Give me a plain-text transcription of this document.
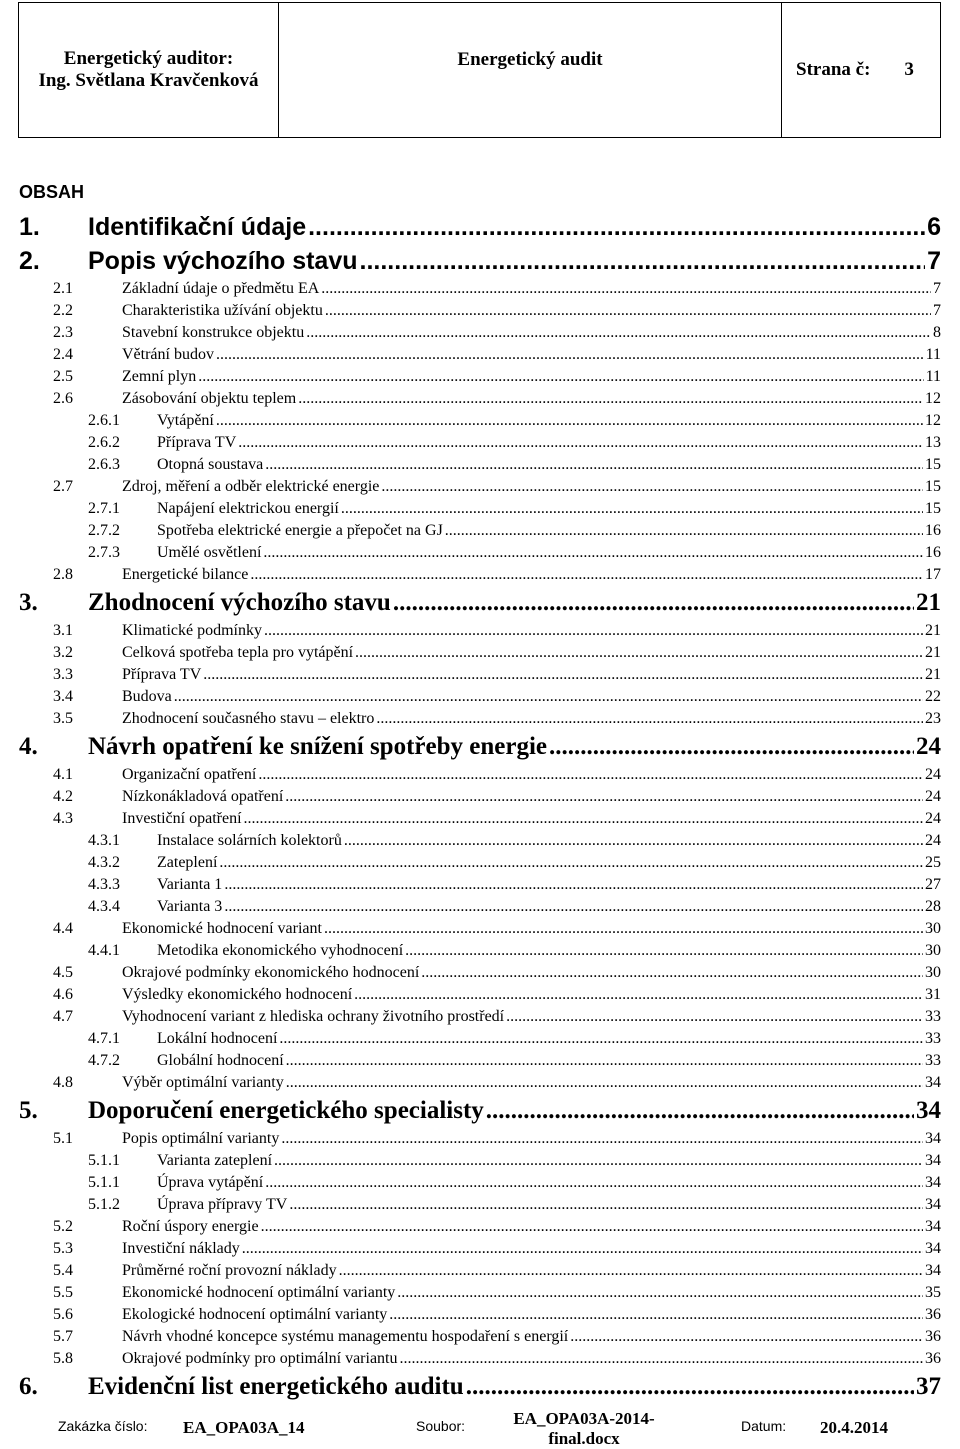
Energetický auditor:
Ing. Světlana Kravčenková
	Energetický audit	Strana č: 3
OBSAH
1. Identifikační údaje .....	6
2. Popis výchozího stavu .....	7
2.1	Základní údaje o předmětu EA .....	7
2.2	Charakteristika užívání objektu .....	7
2.3	Stavební konstrukce objektu .....	8
2.4	Větrání budov .....	11
2.5	Zemní plyn .....	11
2.6	Zásobování objektu teplem .....	12
2.6.1 Vytápění .....	12
2.6.2 Příprava TV .....	13
2.6.3 Otopná soustava .....	15
2.7	Zdroj, měření a odběr elektrické energie .....	15
2.7.1 Napájení elektrickou energií .....	15
2.7.2 Spotřeba elektrické energie a přepočet na GJ .....	16
2.7.3 Umělé osvětlení .....	16
2.8	Energetické bilance .....	17
3. Zhodnocení výchozího stavu .....	21
3.1	Klimatické podmínky .....	21
3.2	Celková spotřeba tepla pro vytápění .....	21
3.3	Příprava TV .....	21
3.4	Budova .....	22
3.5	Zhodnocení současného stavu – elektro .....	23
4. Návrh opatření ke snížení spotřeby energie .....	24
4.1	Organizační opatření .....	24
4.2	Nízkonákladová opatření .....	24
4.3	Investiční opatření .....	24
4.3.1 Instalace solárních kolektorů .....	24
4.3.2 Zateplení .....	25
4.3.3 Varianta 1 .....	27
4.3.4 Varianta 3 .....	28
4.4	Ekonomické hodnocení variant .....	30
4.4.1 Metodika ekonomického vyhodnocení .....	30
4.5	Okrajové podmínky ekonomického hodnocení .....	30
4.6	Výsledky ekonomického hodnocení .....	31
4.7	Vyhodnocení variant z hlediska ochrany životního prostředí .....	33
4.7.1 Lokální hodnocení .....	33
4.7.2 Globální hodnocení .....	33
4.8	Výběr optimální varianty .....	34
5. Doporučení energetického specialisty .....	34
5.1	Popis optimální varianty .....	34
5.1.1 Varianta zateplení .....	34
5.1.1 Úprava vytápění .....	34
5.1.2 Úprava přípravy TV .....	34
5.2	Roční úspory energie .....	34
5.3	Investiční náklady .....	34
5.4	Průměrné roční provozní náklady .....	34
5.5	Ekonomické hodnocení optimální varianty .....	35
5.6	Ekologické hodnocení optimální varianty .....	36
5.7	Návrh vhodné koncepce systému managementu hospodaření s energií .....	36
5.8	Okrajové podmínky pro optimální variantu .....	36
6. Evidenční list energetického auditu .....	37
Zakázka číslo: EA_OPA03A_14	Soubor:	EA_OPA03A-2014-final.docx
Datum: 20.4.2014
